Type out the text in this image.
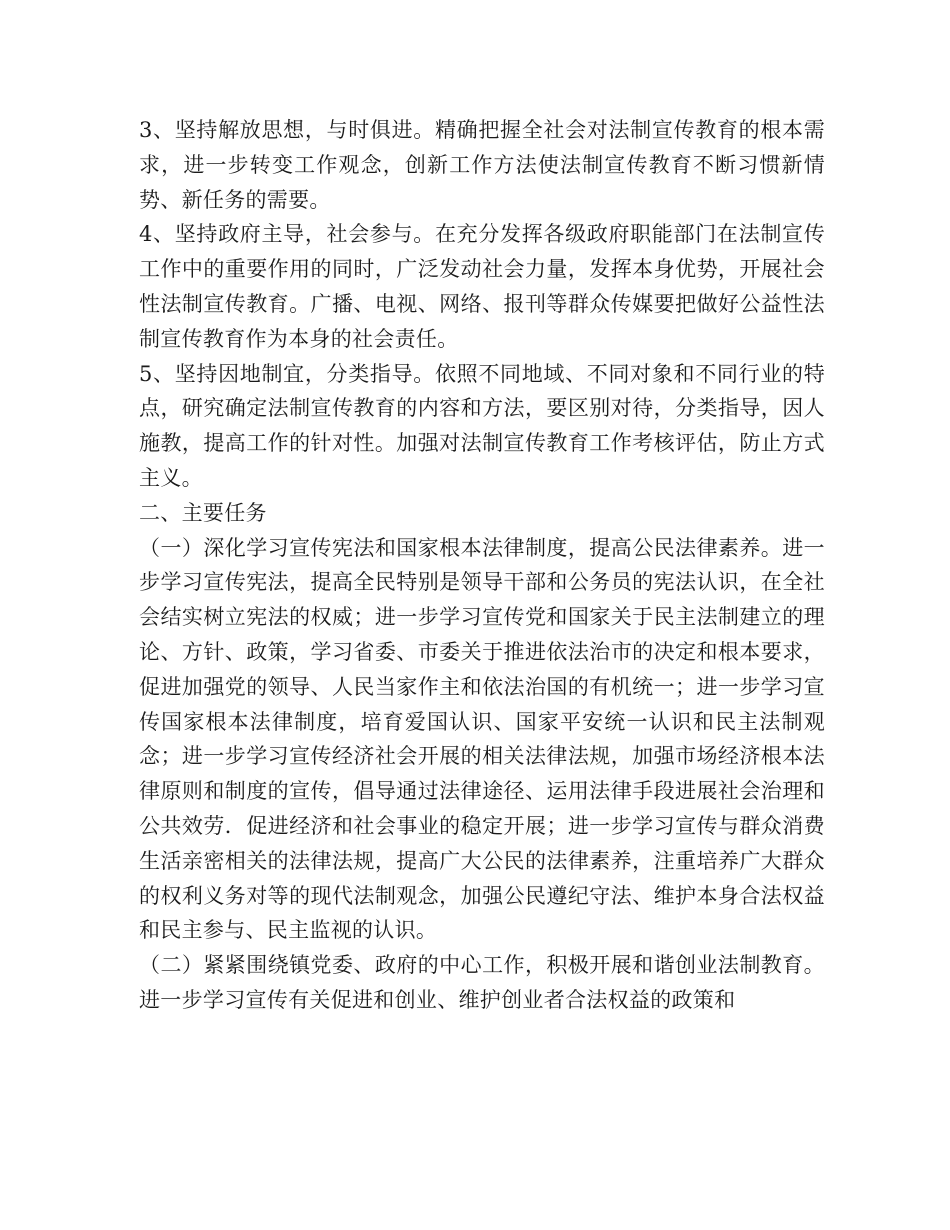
3、坚持解放思想，与时俱进。精确把握全社会对法制宣传教育的根本需求，进一步转变工作观念，创新工作方法使法制宣传教育不断习惯新情势、新任务的需要。

4、坚持政府主导，社会参与。在充分发挥各级政府职能部门在法制宣传工作中的重要作用的同时，广泛发动社会力量，发挥本身优势，开展社会性法制宣传教育。广播、电视、网络、报刊等群众传媒要把做好公益性法制宣传教育作为本身的社会责任。

5、坚持因地制宜，分类指导。依照不同地域、不同对象和不同行业的特点，研究确定法制宣传教育的内容和方法，要区别对待，分类指导，因人施教，提高工作的针对性。加强对法制宣传教育工作考核评估，防止方式主义。

二、主要任务

（一）深化学习宣传宪法和国家根本法律制度，提高公民法律素养。进一步学习宣传宪法，提高全民特别是领导干部和公务员的宪法认识，在全社会结实树立宪法的权威；进一步学习宣传党和国家关于民主法制建立的理论、方针、政策，学习省委、市委关于推进依法治市的决定和根本要求，促进加强党的领导、人民当家作主和依法治国的有机统一；进一步学习宣传国家根本法律制度，培育爱国认识、国家平安统一认识和民主法制观念；进一步学习宣传经济社会开展的相关法律法规，加强市场经济根本法律原则和制度的宣传，倡导通过法律途径、运用法律手段进展社会治理和公共效劳．促进经济和社会事业的稳定开展；进一步学习宣传与群众消费生活亲密相关的法律法规，提高广大公民的法律素养，注重培养广大群众的权利义务对等的现代法制观念，加强公民遵纪守法、维护本身合法权益和民主参与、民主监视的认识。

（二）紧紧围绕镇党委、政府的中心工作，积极开展和谐创业法制教育。进一步学习宣传有关促进和创业、维护创业者合法权益的政策和
